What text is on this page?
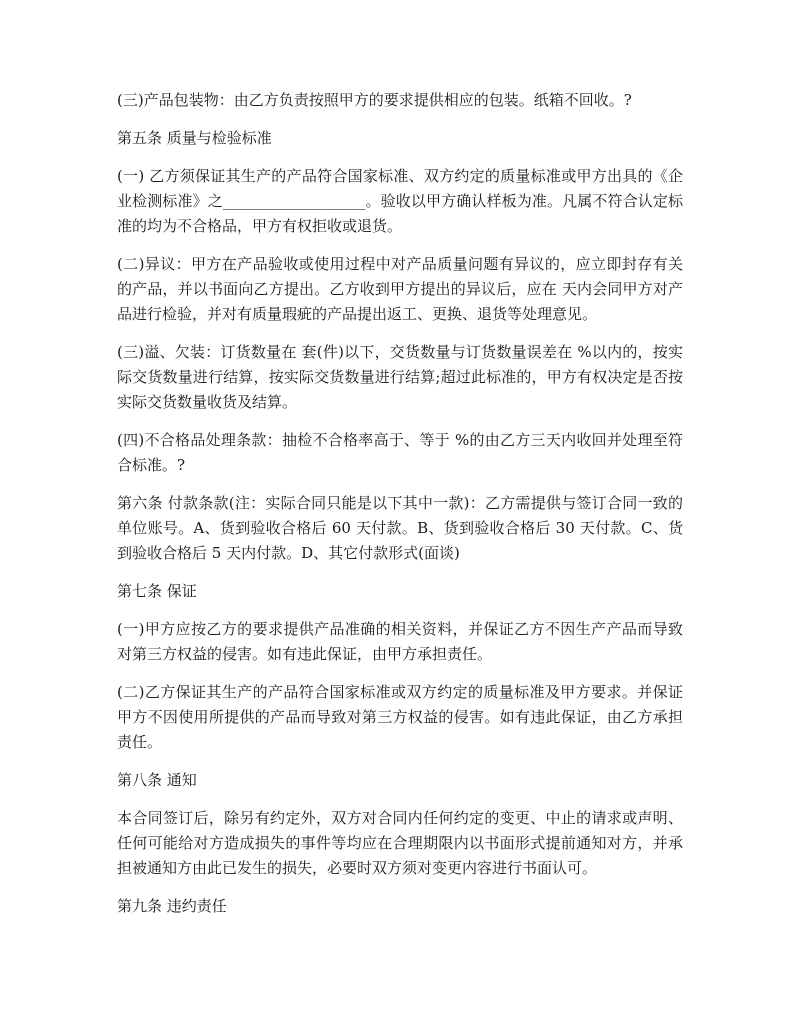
(三)产品包装物：由乙方负责按照甲方的要求提供相应的包装。纸箱不回收。?

第五条 质量与检验标准

(一) 乙方须保证其生产的产品符合国家标准、双方约定的质量标准或甲方出具的《企业检测标准》之___________________。验收以甲方确认样板为准。凡属不符合认定标准的均为不合格品，甲方有权拒收或退货。

(二)异议：甲方在产品验收或使用过程中对产品质量问题有异议的，应立即封存有关的产品，并以书面向乙方提出。乙方收到甲方提出的异议后，应在 天内会同甲方对产品进行检验，并对有质量瑕疵的产品提出返工、更换、退货等处理意见。

(三)溢、欠装：订货数量在 套(件)以下，交货数量与订货数量误差在 %以内的，按实际交货数量进行结算，按实际交货数量进行结算;超过此标准的，甲方有权决定是否按实际交货数量收货及结算。

(四)不合格品处理条款：抽检不合格率高于、等于 %的由乙方三天内收回并处理至符合标准。?

第六条 付款条款(注：实际合同只能是以下其中一款)：乙方需提供与签订合同一致的单位账号。A、货到验收合格后 60 天付款。B、货到验收合格后 30 天付款。C、货到验收合格后 5 天内付款。D、其它付款形式(面谈)

第七条 保证

(一)甲方应按乙方的要求提供产品准确的相关资料，并保证乙方不因生产产品而导致对第三方权益的侵害。如有违此保证，由甲方承担责任。

(二)乙方保证其生产的产品符合国家标准或双方约定的质量标准及甲方要求。并保证甲方不因使用所提供的产品而导致对第三方权益的侵害。如有违此保证，由乙方承担责任。

第八条 通知

本合同签订后，除另有约定外，双方对合同内任何约定的变更、中止的请求或声明、任何可能给对方造成损失的事件等均应在合理期限内以书面形式提前通知对方，并承担被通知方由此已发生的损失，必要时双方须对变更内容进行书面认可。

第九条 违约责任
